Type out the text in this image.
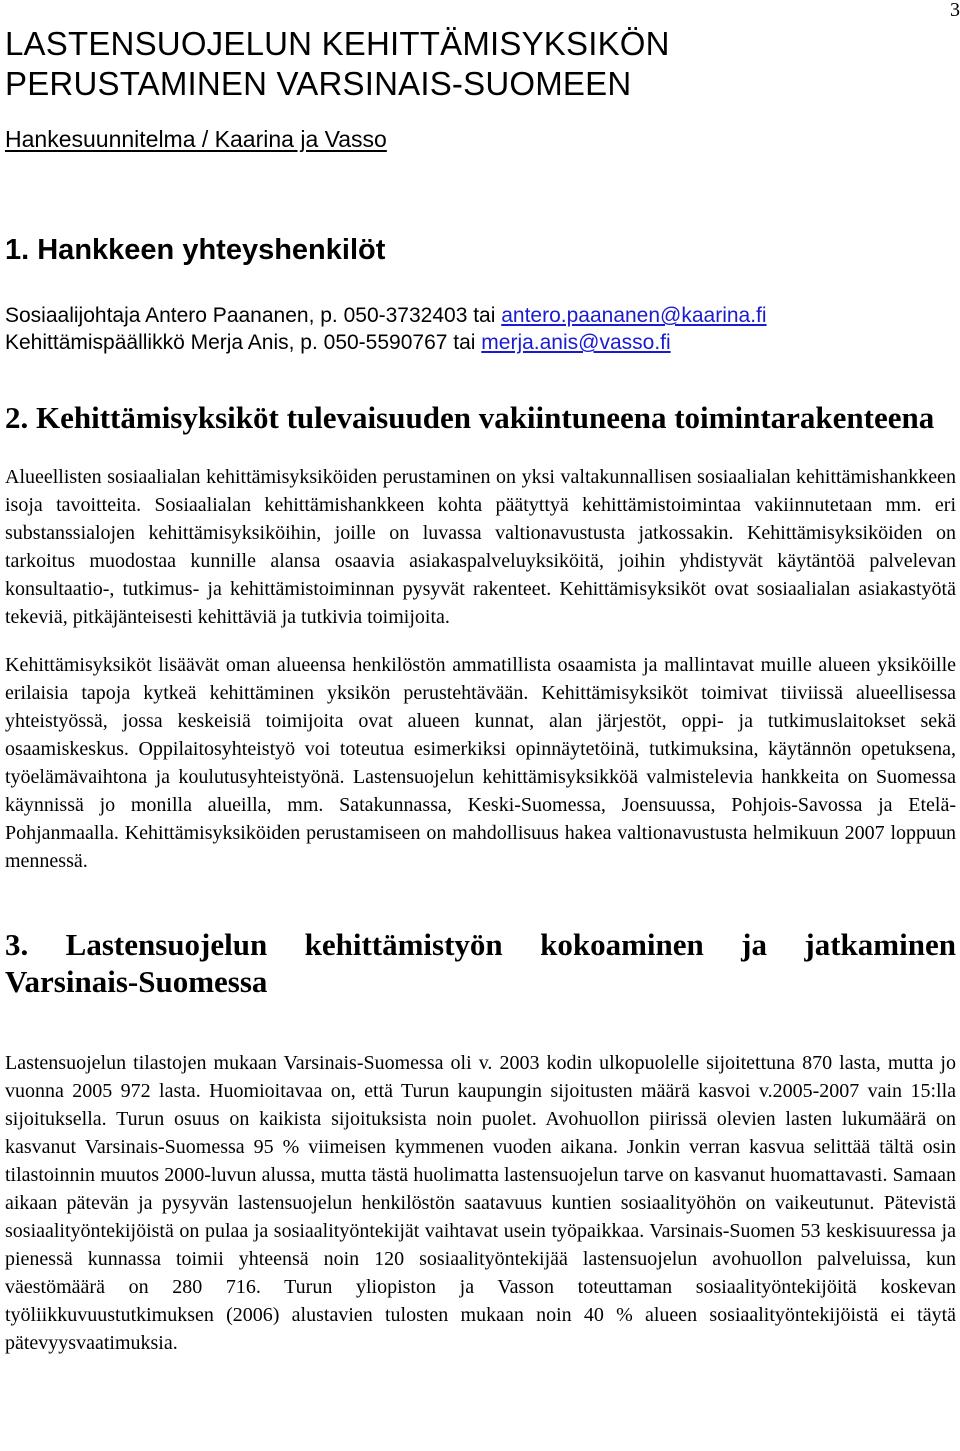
3
LASTENSUOJELUN KEHITTÄMISYKSIKÖN
PERUSTAMINEN VARSINAIS-SUOMEEN
Hankesuunnitelma / Kaarina ja Vasso
1. Hankkeen yhteyshenkilöt
Sosiaalijohtaja Antero Paananen, p. 050-3732403 tai antero.paananen@kaarina.fi
Kehittämispäällikkö Merja Anis, p. 050-5590767 tai merja.anis@vasso.fi
2. Kehittämisyksiköt tulevaisuuden vakiintuneena toimintarakenteena

Alueellisten sosiaalialan kehittämisyksiköiden perustaminen on yksi valtakunnallisen sosiaalialan kehittämishankkeen isoja tavoitteita. Sosiaalialan kehittämishankkeen kohta päätyttyä kehittämistoimintaa vakiinnutetaan mm. eri substanssialojen kehittämisyksiköihin, joille on luvassa valtionavustusta jatkossakin. Kehittämisyksiköiden on tarkoitus muodostaa kunnille alansa osaavia asiakaspalveluyksiköitä, joihin yhdistyvät käytäntöä palvelevan konsultaatio-, tutkimus- ja kehittämistoiminnan pysyvät rakenteet. Kehittämisyksiköt ovat sosiaalialan asiakastyötä tekeviä, pitkäjänteisesti kehittäviä ja tutkivia toimijoita.

Kehittämisyksiköt lisäävät oman alueensa henkilöstön ammatillista osaamista ja mallintavat muille alueen yksiköille erilaisia tapoja kytkeä kehittäminen yksikön perustehtävään. Kehittämisyksiköt toimivat tiiviissä alueellisessa yhteistyössä, jossa keskeisiä toimijoita ovat alueen kunnat, alan järjestöt, oppi- ja tutkimuslaitokset sekä osaamiskeskus. Oppilaitosyhteistyö voi toteutua esimerkiksi opinnäytetöinä, tutkimuksina, käytännön opetuksena, työelämävaihtona ja koulutusyhteistyönä. Lastensuojelun kehittämisyksikköä valmistelevia hankkeita on Suomessa käynnissä jo monilla alueilla, mm. Satakunnassa, Keski-Suomessa, Joensuussa, Pohjois-Savossa ja Etelä-Pohjanmaalla. Kehittämisyksiköiden perustamiseen on mahdollisuus hakea valtionavustusta helmikuun 2007 loppuun mennessä.

3. Lastensuojelun kehittämistyön kokoaminen ja jatkaminen
Varsinais-Suomessa

Lastensuojelun tilastojen mukaan Varsinais-Suomessa oli v. 2003 kodin ulkopuolelle sijoitettuna 870 lasta, mutta jo vuonna 2005 972 lasta. Huomioitavaa on, että Turun kaupungin sijoitusten määrä kasvoi v.2005-2007 vain 15:lla sijoituksella. Turun osuus on kaikista sijoituksista noin puolet. Avohuollon piirissä olevien lasten lukumäärä on kasvanut Varsinais-Suomessa 95 % viimeisen kymmenen vuoden aikana. Jonkin verran kasvua selittää tältä osin tilastoinnin muutos 2000-luvun alussa, mutta tästä huolimatta lastensuojelun tarve on kasvanut huomattavasti. Samaan aikaan pätevän ja pysyvän lastensuojelun henkilöstön saatavuus kuntien sosiaalityöhön on vaikeutunut. Pätevistä sosiaalityöntekijöistä on pulaa ja sosiaalityöntekijät vaihtavat usein työpaikkaa. Varsinais-Suomen 53 keskisuuressa ja pienessä kunnassa toimii yhteensä noin 120 sosiaalityöntekijää lastensuojelun avohuollon palveluissa, kun väestömäärä on 280 716. Turun yliopiston ja Vasson toteuttaman sosiaalityöntekijöitä koskevan työliikkuvuustutkimuksen (2006) alustavien tulosten mukaan noin 40 % alueen sosiaalityöntekijöistä ei täytä pätevyysvaatimuksia.
